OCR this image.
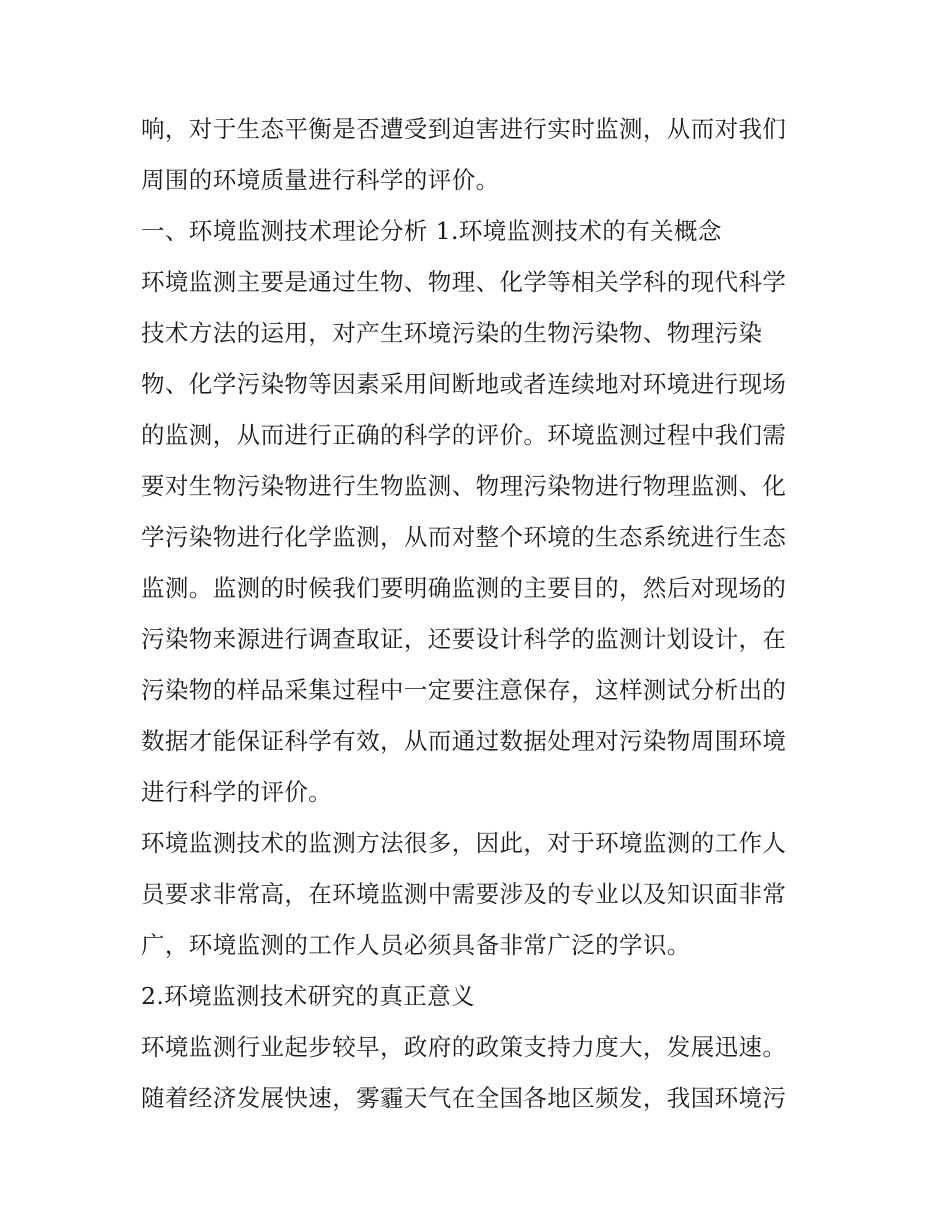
响，对于生态平衡是否遭受到迫害进行实时监测，从而对我们
周围的环境质量进行科学的评价。
一、环境监测技术理论分析 1.环境监测技术的有关概念
环境监测主要是通过生物、物理、化学等相关学科的现代科学
技术方法的运用，对产生环境污染的生物污染物、物理污染
物、化学污染物等因素采用间断地或者连续地对环境进行现场
的监测，从而进行正确的科学的评价。环境监测过程中我们需
要对生物污染物进行生物监测、物理污染物进行物理监测、化
学污染物进行化学监测，从而对整个环境的生态系统进行生态
监测。监测的时候我们要明确监测的主要目的，然后对现场的
污染物来源进行调查取证，还要设计科学的监测计划设计，在
污染物的样品采集过程中一定要注意保存，这样测试分析出的
数据才能保证科学有效，从而通过数据处理对污染物周围环境
进行科学的评价。
环境监测技术的监测方法很多，因此，对于环境监测的工作人
员要求非常高，在环境监测中需要涉及的专业以及知识面非常
广，环境监测的工作人员必须具备非常广泛的学识。
2.环境监测技术研究的真正意义
环境监测行业起步较早，政府的政策支持力度大，发展迅速。
随着经济发展快速，雾霾天气在全国各地区频发，我国环境污
